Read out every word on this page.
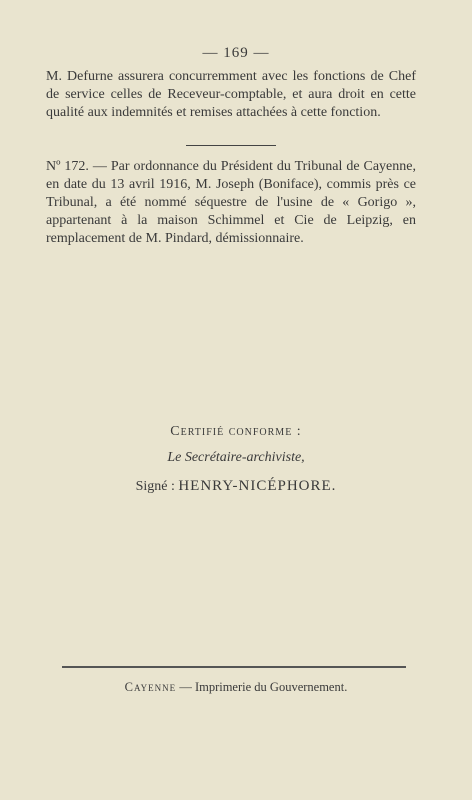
— 169 —
M. Defurne assurera concurremment avec les fonctions de Chef de service celles de Receveur-comptable, et aura droit en cette qualité aux indemnités et remises attachées à cette fonction.
Nº 172. — Par ordonnance du Président du Tribunal de Cayenne, en date du 13 avril 1916, M. Joseph (Boniface), commis près ce Tribunal, a été nommé séquestre de l'usine de « Gorigo », appartenant à la maison Schimmel et Cie de Leipzig, en remplacement de M. Pindard, démissionnaire.
Certifié conforme :
Le Secrétaire-archiviste,
Signé : HENRY-NICÉPHORE.
Cayenne — Imprimerie du Gouvernement.
